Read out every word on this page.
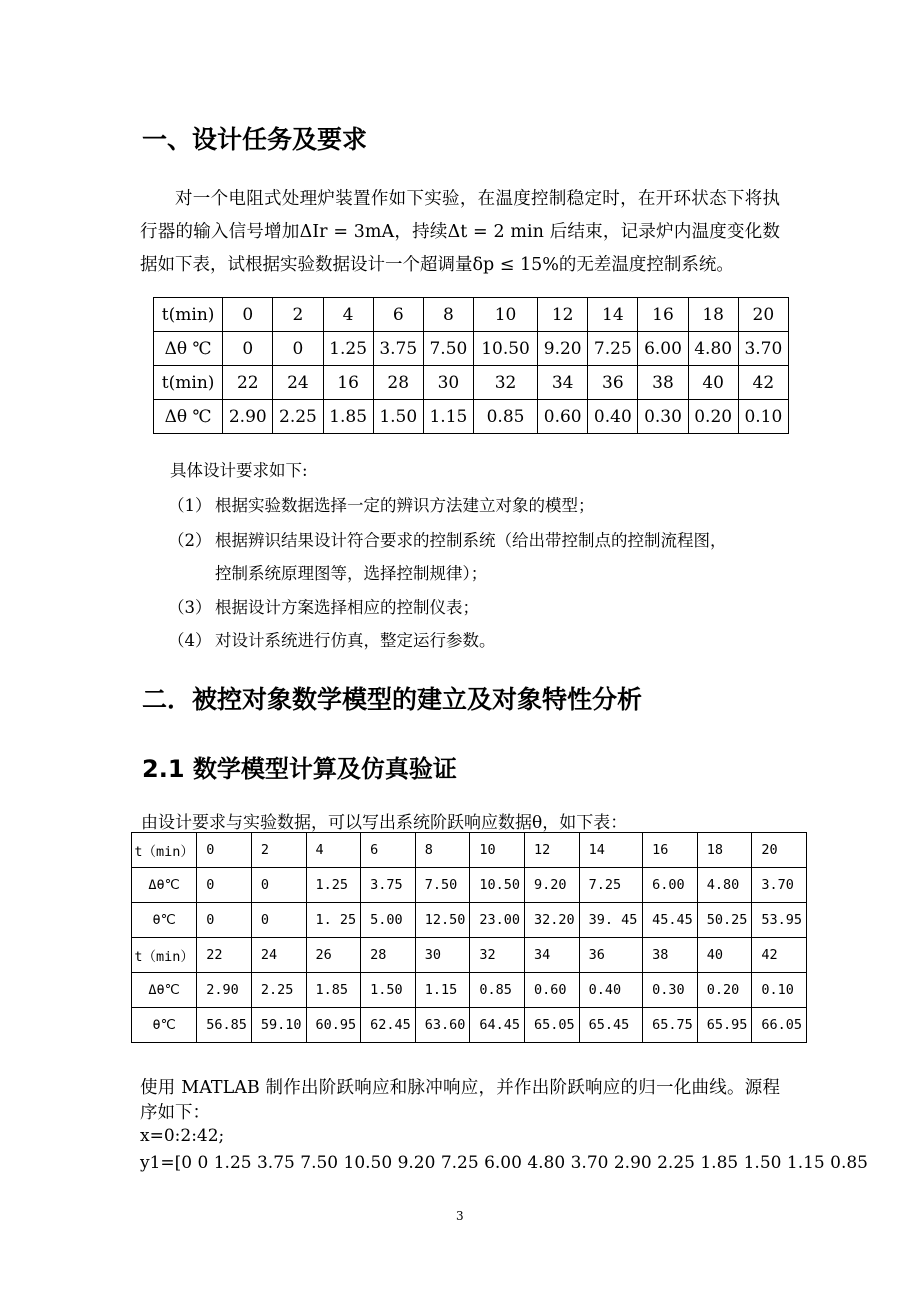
一、设计任务及要求
对一个电阻式处理炉装置作如下实验，在温度控制稳定时，在开环状态下将执行器的输入信号增加ΔIr = 3mA，持续Δt = 2 min 后结束，记录炉内温度变化数据如下表，试根据实验数据设计一个超调量δp ≤ 15%的无差温度控制系统。
t(min)	0	2	4	6	8	10	12	14	16	18	20
Δθ ℃	0	0	1.25	3.75	7.50	10.50	9.20	7.25	6.00	4.80	3.70
t(min)	22	24	16	28	30	32	34	36	38	40	42
Δθ ℃	2.90	2.25	1.85	1.50	1.15	0.85	0.60	0.40	0.30	0.20	0.10
具体设计要求如下:
（1） 根据实验数据选择一定的辨识方法建立对象的模型；
（2） 根据辨识结果设计符合要求的控制系统（给出带控制点的控制流程图，
控制系统原理图等，选择控制规律）；
（3） 根据设计方案选择相应的控制仪表；
（4） 对设计系统进行仿真，整定运行参数。
二．被控对象数学模型的建立及对象特性分析
2.1 数学模型计算及仿真验证
由设计要求与实验数据，可以写出系统阶跃响应数据θ，如下表：
t（min）	0	2	4	6	8	10	12	14	16	18	20
Δθ℃	0	0	1.25	3.75	7.50	10.50	9.20	7.25	6.00	4.80	3.70
θ℃	0	0	1. 25	5.00	12.50	23.00	32.20	39. 45	45.45	50.25	53.95
t（min）	22	24	26	28	30	32	34	36	38	40	42
Δθ℃	2.90	2.25	1.85	1.50	1.15	0.85	0.60	0.40	0.30	0.20	0.10
θ℃	56.85	59.10	60.95	62.45	63.60	64.45	65.05	65.45	65.75	65.95	66.05
使用 MATLAB 制作出阶跃响应和脉冲响应，并作出阶跃响应的归一化曲线。源程序如下：
x=0:2:42;
y1=[0 0 1.25 3.75 7.50 10.50 9.20 7.25 6.00 4.80 3.70 2.90 2.25 1.85 1.50 1.15 0.85
3
